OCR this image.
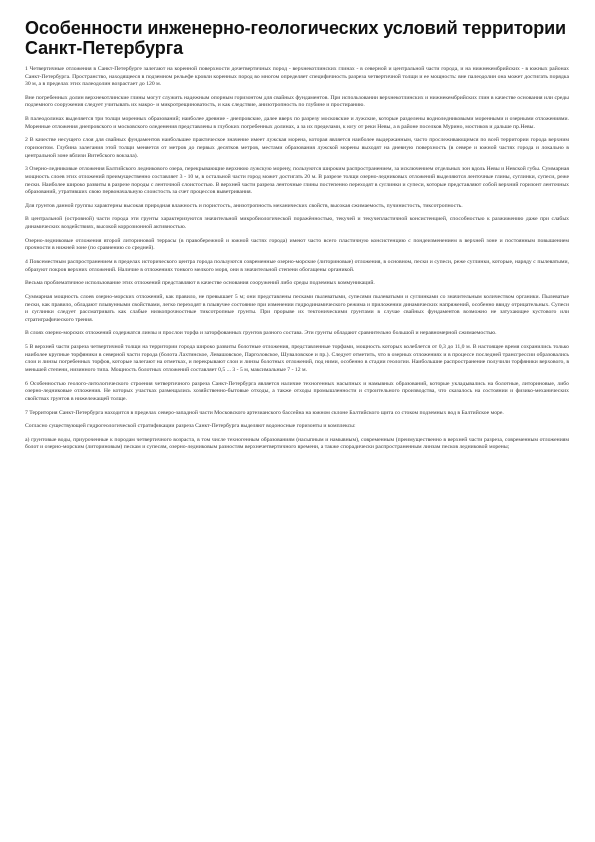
Особенности инженерно-геологических условий территории Санкт-Петербурга

1 Четвертичные отложения в Санкт-Петербурге залегают на коренной поверхности дочетвертичных пород - верхнекотлинских глинах - в северной и центральной части города, и на нижнекембрийских - в южных районах Санкт-Петербурга. Пространство, находящееся в подземном рельефе кровли коренных пород во многом определяет специфичность разреза четвертичной толщи и ее мощность: вне палеодолин она может достигать порядка 30 м, а в пределах этих палеодолин возрастает до 120 м.

Вне погребенных долин верхнекотлинские глины могут служить надежным опорным горизонтом для свайных фундаментов. При использовании верхнекотлинских и нижнекембрийских глин в качестве основания или среды подземного сооружения следует учитывать их макро- и микротрещиноватость, и как следствие, анизотропность по глубине и простиранию.

В палеодолинах выделяется три толщи моренных образований; наиболее древние - днепровские, далее вверх по разрезу московские и лужские, которые разделены водноледниковыми моренными и озерными отложениями. Моренные отложения днепровского и московского оледенения представлены в глубоких погребенных долинах, а за их пределами, к югу от реки Невы, а в районе поселков Мурино, мостиков и дальше пр.Невы.

2 В качестве несущего слоя для свайных фундаментов наибольшее практическое значение имеет лужская морена, которая является наиболее выдержанным, часто прослеживающимся по всей территории города верхним горизонтом. Глубина залегания этой толщи меняется от метров до первых десятков метров, местами образования лужской морены выходят на дневную поверхность (в севере и южной частях города и локально в центральной зоне вблизи Витебского вокзала).

3 Озерно-ледниковые отложения Балтийского ледникового озера, перекрывающие верхнюю лужскую морену, пользуются широким распространением, за исключением отдельных зон вдоль Невы и Невской губы. Суммарная мощность слоев этих отложений преимущественно составляет 3 - 10 м, в остальной части город может достигать 20 м. В разрезе толщи озерно-ледниковых отложений выделяются ленточные глины, суглинки, супеси, реже пески. Наиболее широко развиты в разрезе породы с ленточной слоистостью. В верхней части разреза ленточные глины постепенно переходят в суглинки и супеси, которые представляют собой верхний горизонт ленточных образований, утративших свою первоначальную слоистость за счет процессов выветривания.

Для грунтов данной группы характерны высокая природная влажность и пористость, анизотропность механических свойств, высокая сжимаемость, пучинистость, тиксотропность.

В центральной (островной) части города эти грунты характеризуются значительной микробиологической поражённостью, текучей и текучепластичной консистенцией, способностью к разжижению даже при слабых динамических воздействиях, высокой коррозионной активностью.

Озерно-ледниковые отложения второй литориновой террасы (в правобережной и южной частях города) имеют часто всего пластичную консистенцию с пондеизменением в верхней зоне и постоянным повышением прочности в нижней зоне (по сравнению со средней).

4 Повсеместным распространением в пределах исторического центра города пользуются современные озерно-морские (литориновые) отложения, в основном, пески и супеси, реже суглинки, которые, наряду с пылеватыми, образуют покров верхних отложений. Наличие в отложениях тонкого мелкого моря, они в значительной степени обогащены органикой.

Весьма проблематичное использование этих отложений представляют в качестве основания сооружений либо среды подземных коммуникаций.

Суммарная мощность слоев озерно-морских отложений, как правило, не превышает 5 м; они представлены песками пылеватыми, супесями пылеватыми и суглинками со значительным количеством органики. Пылеватые пески, как правило, обладают плывунными свойствами, легко переходят в плывучее состояние при изменении гидродинамического режима и приложении динамических напряжений, особенно ввиду отрицательных. Супеси и суглинки следует рассматривать как слабые низкопрочностные тиксотропные грунты. При прорыве их тектоническими грунтами в случае свайных фундаментов возможно не затухающее кустового или стратиграфического трения.

В слоях озерно-морских отложений содержатся линзы и прослои торфа и заторфованных грунтов разного состава. Эти грунты обладают сравнительно большой и неравномерной сжимаемостью.

5 В верхней части разреза четвертичной толщи на территории города широко развиты болотные отложения, представленные торфами, мощность которых колеблется от 0,3 до 11,0 м. В настоящее время сохранились только наиболее крупные торфяники в северной части города (болота Лахтинское, Левашовское, Парголовское, Шуваловское и пр.). Следует отметить, что в озерных отложениях и в процессе последней трансгрессии образовались слои и линзы погребенных торфов, которые залегают на отметках, и перекрывают слои и линзы болотных отложений, под ними, особенно в стадии геологии. Наибольшие распространение получили торфяники верхового, в меньшей степени, низинного типа. Мощность болотных отложений составляет 0,5 ... 3 - 5 м, максимальные 7 - 12 м.

6 Особенностью геолого-литологического строения четвертичного разреза Санкт-Петербурга является наличие техногенных насыпных и намывных образований, которые укладывались на болотные, литориновые, либо озерно-ледниковые отложения. Не которых участках размещались хозяйственно-бытовые отходы, а также отходы промышленности и строительного производства, что сказалось на состоянии и физико-механических свойствах грунтов в нижележащей толще.

7 Территория Санкт-Петербурга находится в пределах северо-западной части Московского артезианского бассейна на южном склоне Балтийского щита со стоком подземных вод в Балтийское море.

Согласно существующей гидрогеологической стратификации разреза Санкт-Петербурга выделяют водоносные горизонты и комплексы:

а) грунтовые воды, приуроченные к породам четвертичного возраста, в том числе техногенным образованиям (насыпным и намывным), современным (преимущественно в верхней части разреза, современным отложениям болот и озерно-морским (литориновым) пескам и супесям, озерно-ледниковым разностям верхнечетвертичного времени, а также спорадически распространенным линзам песков ледниковой морены;
